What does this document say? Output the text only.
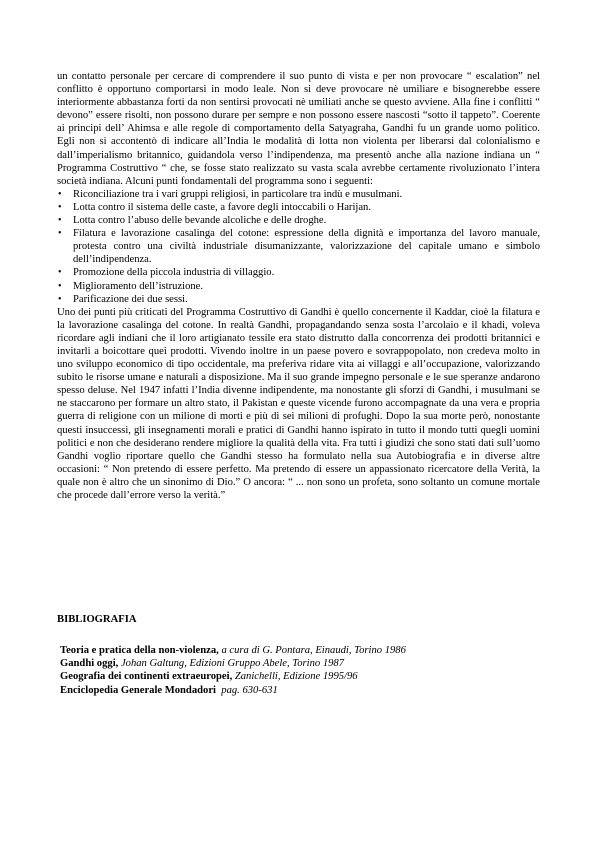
un contatto personale per cercare di comprendere il suo punto di vista e per non provocare “ escalation” nel conflitto è opportuno comportarsi in modo leale. Non si deve provocare nè umiliare e bisognerebbe essere interiormente abbastanza forti da non sentirsi provocati nè umiliati anche se questo avviene. Alla fine i conflitti “ devono” essere risolti, non possono durare per sempre e non possono essere nascosti “sotto il tappeto”. Coerente ai principi dell’ Ahimsa e alle regole di comportamento della Satyagraha, Gandhi fu un grande uomo politico. Egli non si accontentò di indicare all’India le modalità di lotta non violenta per liberarsi dal colonialismo e dall’imperialismo britannico, guidandola verso l’indipendenza, ma presentò anche alla nazione indiana un “ Programma Costruttivo “ che, se fosse stato realizzato su vasta scala avrebbe certamente rivoluzionato l’intera società indiana. Alcuni punti fondamentali del programma sono i seguenti:

• Riconciliazione tra i vari gruppi religiosi, in particolare tra indù e musulmani.
• Lotta contro il sistema delle caste, a favore degli intoccabili o Harijan.
• Lotta contro l’abuso delle bevande alcoliche e delle droghe.
• Filatura e lavorazione casalinga del cotone: espressione della dignità e importanza del lavoro manuale, protesta contro una civiltà industriale disumanizzante, valorizzazione del capitale umano e simbolo dell’indipendenza.
• Promozione della piccola industria di villaggio.
• Miglioramento dell’istruzione.
• Parificazione dei due sessi.

Uno dei punti più criticati del Programma Costruttivo di Gandhi è quello concernente il Kaddar, cioè la filatura e la lavorazione casalinga del cotone. In realtà Gandhi, propagandando senza sosta l’arcolaio e il khadi, voleva ricordare agli indiani che il loro artigianato tessile era stato distrutto dalla concorrenza dei prodotti britannici e invitarli a boicottare quei prodotti. Vivendo inoltre in un paese povero e sovrappopolato, non credeva molto in uno sviluppo economico di tipo occidentale, ma preferiva ridare vita ai villaggi e all’occupazione, valorizzando subito le risorse umane e naturali a disposizione. Ma il suo grande impegno personale e le sue speranze andarono spesso deluse. Nel 1947 infatti l’India divenne indipendente, ma nonostante gli sforzi di Gandhi, i musulmani se ne staccarono per formare un altro stato, il Pakistan e queste vicende furono accompagnate da una vera e propria guerra di religione con un milione di morti e più di sei milioni di profughi. Dopo la sua morte però, nonostante questi insuccessi, gli insegnamenti morali e pratici di Gandhi hanno ispirato in tutto il mondo tutti quegli uomini politici e non che desiderano rendere migliore la qualità della vita. Fra tutti i giudizi che sono stati dati sull’uomo Gandhi voglio riportare quello che Gandhi stesso ha formulato nella sua Autobiografia e in diverse altre occasioni: “ Non pretendo di essere perfetto. Ma pretendo di essere un appassionato ricercatore della Verità, la quale non è altro che un sinonimo di Dio.” O ancora: “ ... non sono un profeta, sono soltanto un comune mortale che procede dall’errore verso la verità.”

BIBLIOGRAFIA
Teoria e pratica della non-violenza, a cura di G. Pontara, Einaudi, Torino 1986
Gandhi oggi, Johan Galtung, Edizioni Gruppo Abele, Torino 1987
Geografia dei continenti extraeuropei, Zanichelli, Edizione 1995/96
Enciclopedia Generale Mondadori  pag. 630-631
